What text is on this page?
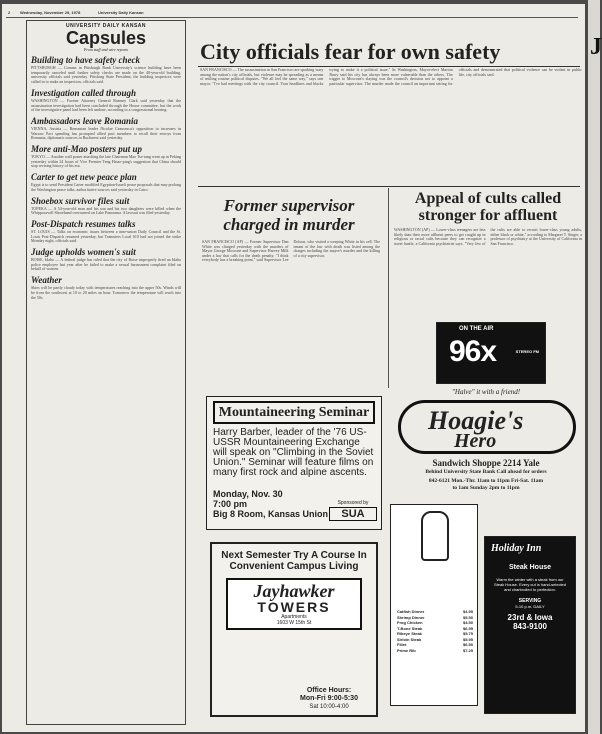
2 Wednesday, November 29, 1978	University Daily Kansan
UNIVERSITY DAILY KANSAN
Capsules
From staff and wire reports
Building to have safety check

PITTSBURGH — Comms in Pittsburgh Bank University's science building have been temporarily canceled until further safety checks are made on the 40-year-old building, university officials said yesterday. Pittsburg State President, the building inspectors were called in to make an inspection, officials said.

Investigation called through

WASHINGTON — Former Attorney General Ramsey Clark said yesterday that the assassination investigation had been concluded through the House committee, but the work of the investigative panel had been left undone, according to a congressional hearing.

Ambassadors leave Romania

VIENNA, Austria — Romanian leader Nicolae Ceausescu's opposition to increases in Warsaw Pact spending has prompted allied pact members to recall their envoys from Romania, diplomatic sources in Bucharest said yesterday.

More anti-Mao posters put up

TOKYO — Another wall poster attacking the late Chairman Mao Tse-tung went up in Peking yesterday within 24 hours of Vice Premier Teng Hsiao-ping's suggestion that China should stop revising history of his era.

Carter to get new peace plan

Egypt is to send President Carter modified Egyptian-Israeli peace proposals that may prolong the Washington peace talks, authoritative sources said yesterday in Cairo.

Shoebox survivor files suit

TOPEKA — A 54-year-old man and his son and his two daughters were killed when the Whippoorwill Shorehand overturned on Lake Panorama. A lawsuit was filed yesterday.

Post-Dispatch resumes talks

ST. LOUIS — Talks on economic issues between a nine-union Daily Council and the St. Louis Post-Dispatch resumed yesterday, but Teamsters Local 610 had not joined the strike Monday night, officials said.

Judge upholds women's suit

BOISE, Idaho — A federal judge has ruled that the city of Boise improperly fired an Idaho police employee last year after he failed to make a sexual harassment complaint filed on behalf of women.

Weather

Skies will be partly cloudy today with temperatures reaching into the upper 50s. Winds will be from the southwest at 10 to 20 miles an hour. Tomorrow the temperature will reach into the 50s.

City officials fear for own safety
SAN FRANCISCO — The assassination in San Francisco are sparking wary among the nation's city officials, but violence may be spreading as a means of settling routine political disputes. "We all feel the same way," says one mayor. "I've had meetings with the city council. Your headlines and blacks trying to make it a political issue." In Washington, Mayor-elect Marion Barry said his city has always been more vulnerable than the others. The trigger to Moscone's slaying was the council's decision not to appoint a particular supervisor. The murder made the council an important setting for officials and demonstrated that political violence can be violent in public life, city officials said.
Former supervisor charged in murder
SAN FRANCISCO (AP) — Former Supervisor Dan White was charged yesterday with the murders of Mayor George Moscone and Supervisor Harvey Milk under a law that calls for the death penalty. "I think everybody has a breaking point," said Supervisor Lee Dolson, who visited a weeping White in his cell. The tenant of the law with death was listed among the charges including the mayor's murder and the killing of a city supervisor.
Appeal of cults called stronger for affluent
WASHINGTON (AP) — Lower-class teenagers are less likely than their more affluent peers to get caught up in religious or racial cults because they can recognize a street hustle, a California psychiatrist says. "Very few of the cults are able to recruit lower-class young adults, either black or white," according to Margaret T. Singer, a professor of psychiatry at the University of California in San Francisco.
ON THE AIR
96x	STEREO FM
"Halve" it with a friend!
Hoagie's
Hero
Sandwich Shoppe 2214 Yale
Behind University State Bank Call ahead for orders
842-6121 Mon.-Thr. 11am to 11pm Fri-Sat. 11am
to 1am Sunday 2pm to 11pm
Mountaineering Seminar
Harry Barber, leader of the '76 US-USSR Mountaineering Exchange will speak on "Climbing in the Soviet Union." Seminar will feature films on many first rock and alpine ascents.
Monday, Nov. 30
7:00 pm
Big 8 Room, Kansas Union
Sponsored by
SUA
Next Semester Try A Course In Convenient Campus Living
Jayhawker
TOWERS
Apartments
1603 W 15th St
Office Hours:
Mon-Fri 9:00-5:30
Sat 10:00-4:00
Catfish Dinner	$4.95
Shrimp Dinner	$5.50
Frog Chicken	$4.50
T-Bone Steak	$6.95
Ribeye Steak	$5.75
Sirloin Steak	$5.95
Fillet	$6.50
Prime Rib	$7.25
Holiday Inn
Steak House
Warm the winter with a steak from our Steak House. Every cut is hand-selected and charbroiled to perfection.
SERVING
5-10 p.m. DAILY
23rd & Iowa
843-9100
J
